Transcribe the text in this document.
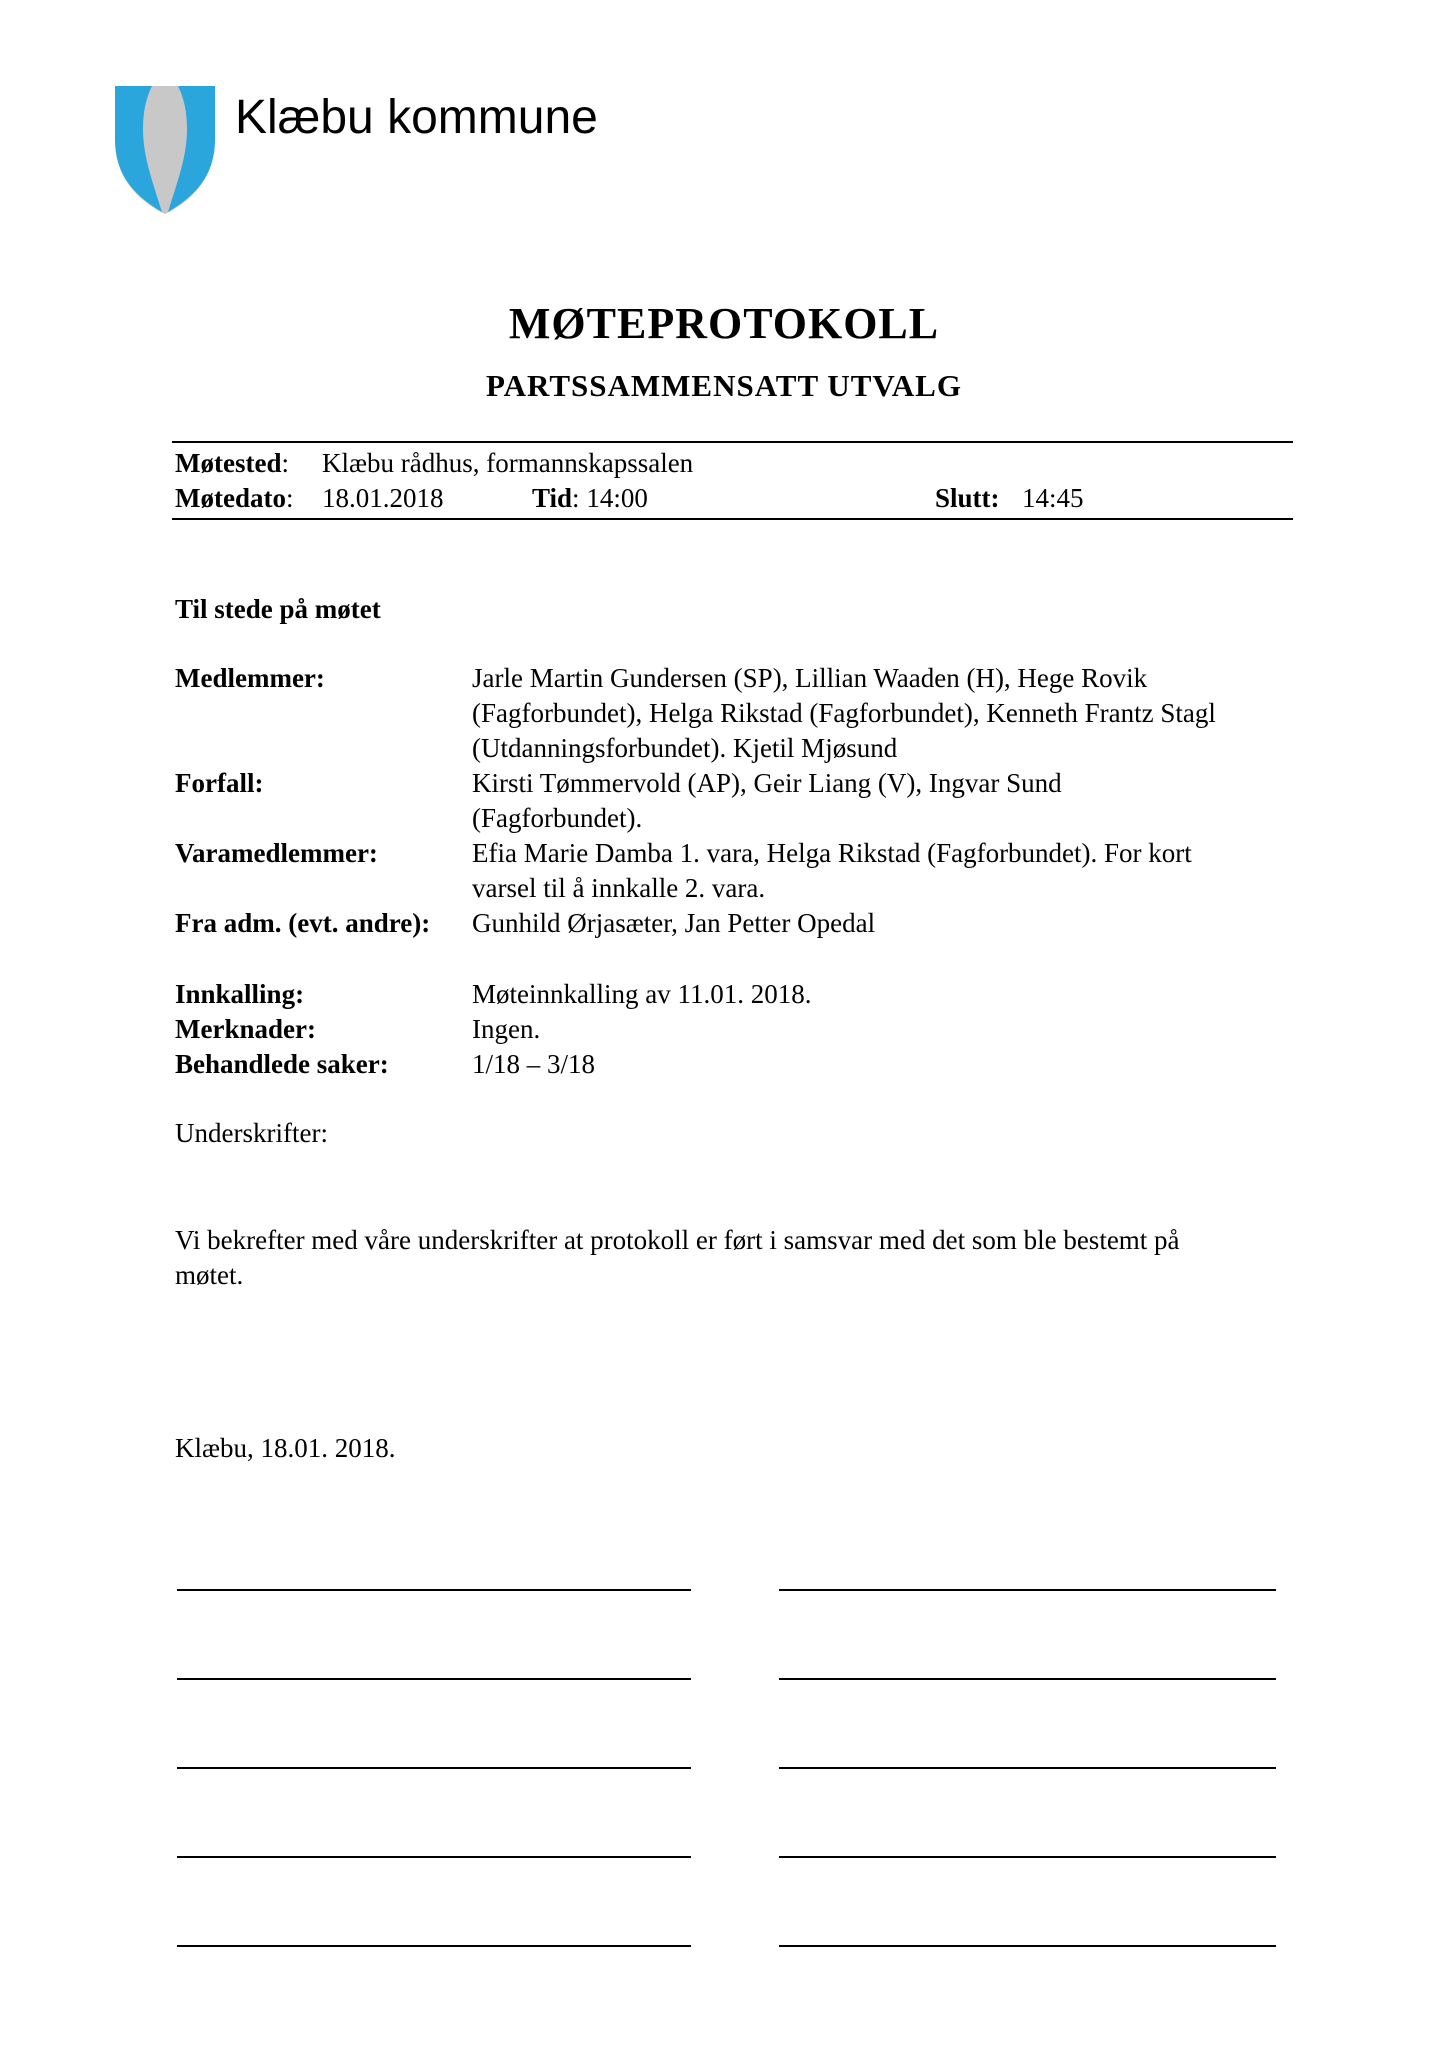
Klæbu kommune
MØTEPROTOKOLL
PARTSSAMMENSATT UTVALG
Møtested: Klæbu rådhus, formannskapssalen
Møtedato: 18.01.2018	Tid: 14:00	Slutt: 14:45
Til stede på møtet
Medlemmer:	Jarle Martin Gundersen (SP), Lillian Waaden (H), Hege Rovik
(Fagforbundet), Helga Rikstad (Fagforbundet), Kenneth Frantz Stagl
(Utdanningsforbundet). Kjetil Mjøsund
Forfall:	Kirsti Tømmervold (AP), Geir Liang (V), Ingvar Sund
(Fagforbundet).
Varamedlemmer:	Efia Marie Damba 1. vara, Helga Rikstad (Fagforbundet). For kort
varsel til å innkalle 2. vara.
Fra adm. (evt. andre): Gunhild Ørjasæter, Jan Petter Opedal
Innkalling:	Møteinnkalling av 11.01. 2018.
Merknader:	Ingen.
Behandlede saker:	1/18 – 3/18
Underskrifter:
Vi bekrefter med våre underskrifter at protokoll er ført i samsvar med det som ble bestemt på
møtet.
Klæbu, 18.01. 2018.
